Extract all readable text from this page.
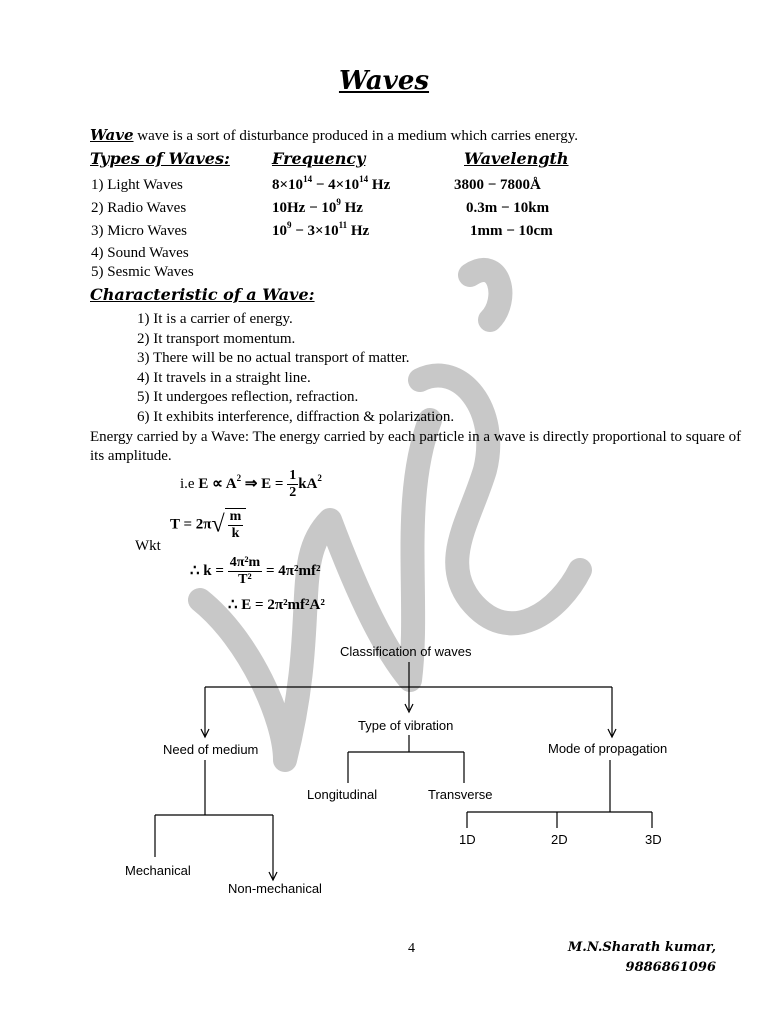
Waves
Wave wave is a sort of disturbance produced in a medium which carries energy.
Types of Waves:	Frequency	Wavelength
1) Light Waves	$8\times 10^{14} - 4\times 10^{14}$ Hz	3800 − 7800Å
2) Radio Waves	$10Hz - 10^9$ Hz	0.3m − 10km
3) Micro Waves	$10^9 - 3\times 10^{11}$ Hz	1mm − 10cm
4) Sound Waves
5) Sesmic Waves
Characteristic of a Wave:
1) It is a carrier of energy.
2) It transport momentum.
3) There will be no actual transport of matter.
4) It travels in a straight line.
5) It undergoes reflection, refraction.
6) It exhibits interference, diffraction & polarization.
Energy carried by a Wave: The energy carried by each particle in a wave is directly proportional to square of its amplitude.
i.e $E \propto A^2$ ⇒ $E = \frac{1}{2} kA^2$
$T = 2\pi√ \frac{m}{k}$
Wkt
∴ $k = \frac{\text{4π²m}}{\text{T²}} = 4\pi^2mf^2$
∴ E = 2π²mf²A²
Classification of waves
Need of medium
Type of vibration
Mode of propagation
Longitudinal	Transverse
Mechanical
Non-mechanical
1D	2D	3D
4	M.N.Sharath kumar,
9886861096
